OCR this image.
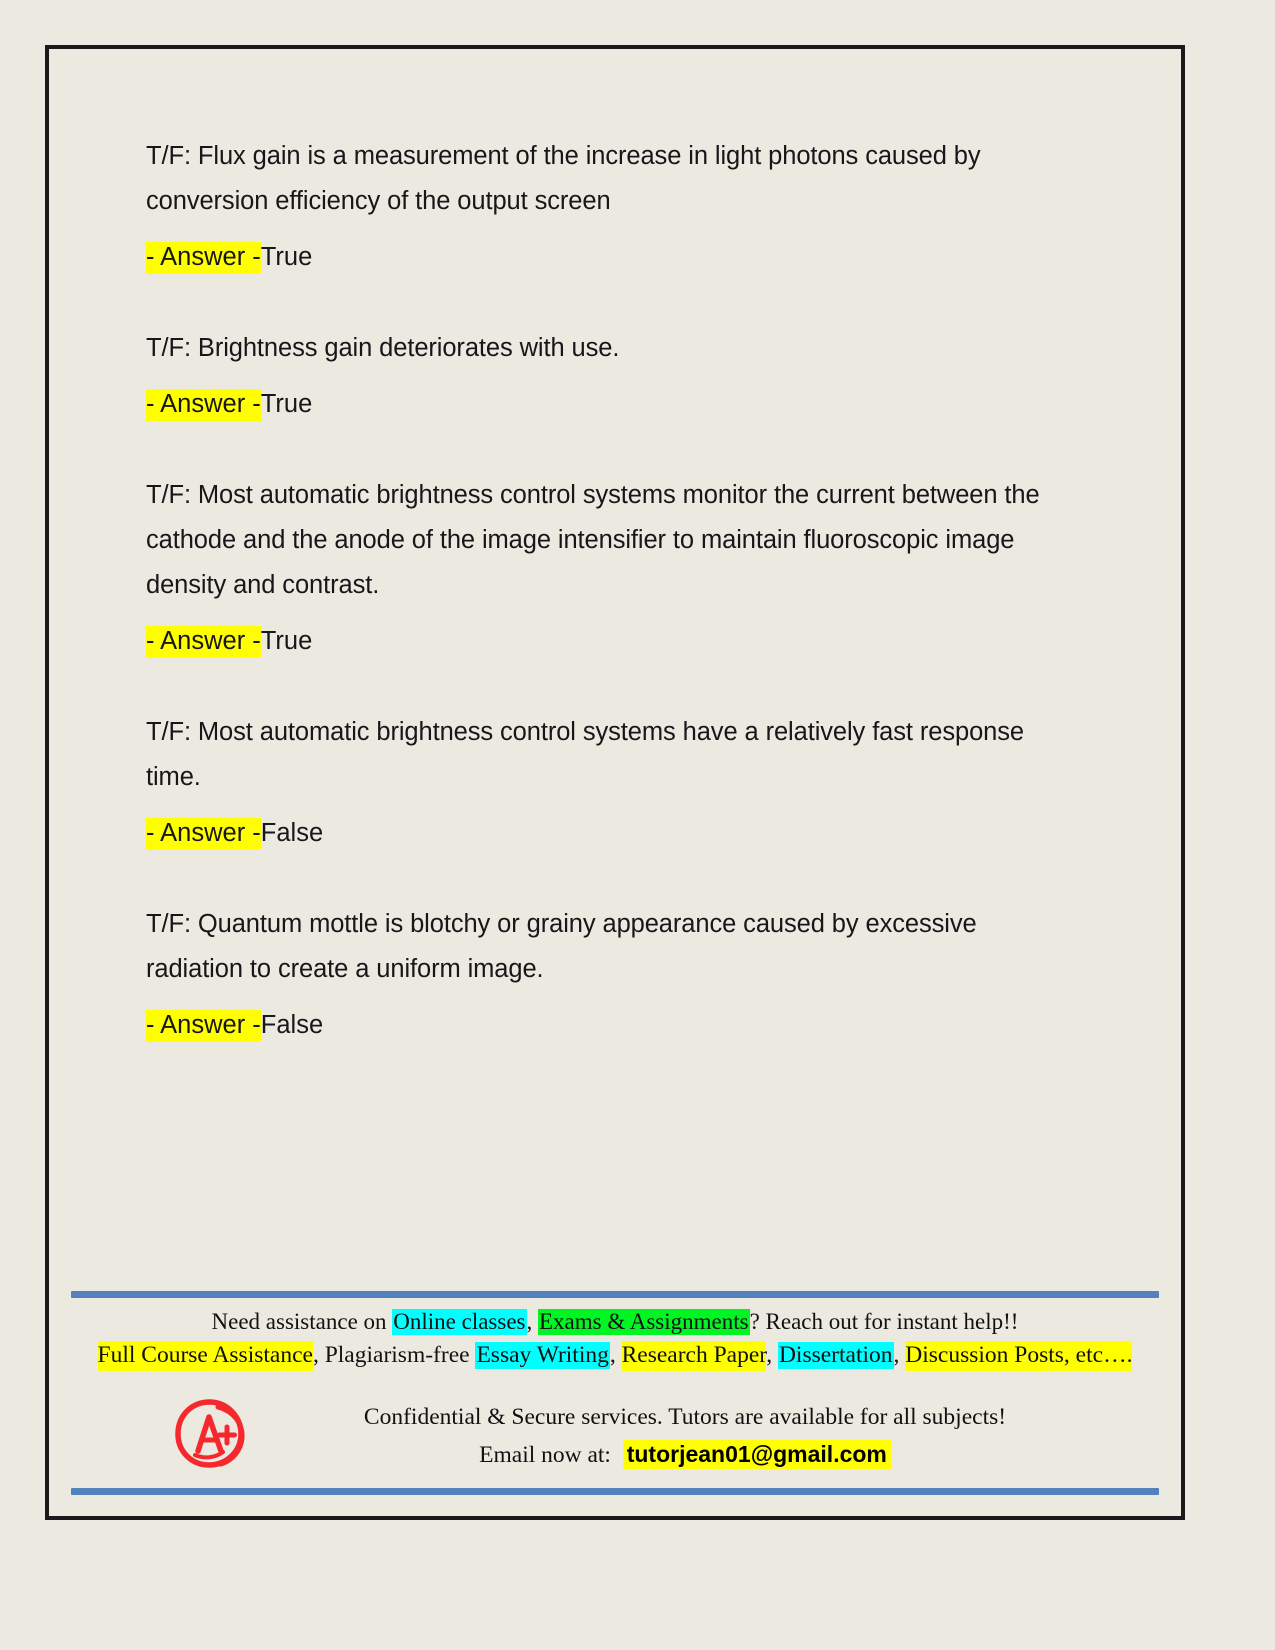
T/F: Flux gain is a measurement of the increase in light photons caused by conversion efficiency of the output screen

- Answer -True

T/F: Brightness gain deteriorates with use.

- Answer -True

T/F: Most automatic brightness control systems monitor the current between the cathode and the anode of the image intensifier to maintain fluoroscopic image density and contrast.

- Answer -True

T/F: Most automatic brightness control systems have a relatively fast response time.

- Answer -False

T/F: Quantum mottle is blotchy or grainy appearance caused by excessive radiation to create a uniform image.

- Answer -False

Need assistance on Online classes, Exams & Assignments? Reach out for instant help!!
Full Course Assistance, Plagiarism-free Essay Writing, Research Paper, Dissertation, Discussion Posts, etc….
Confidential & Secure services. Tutors are available for all subjects!
Email now at: tutorjean01@gmail.com
